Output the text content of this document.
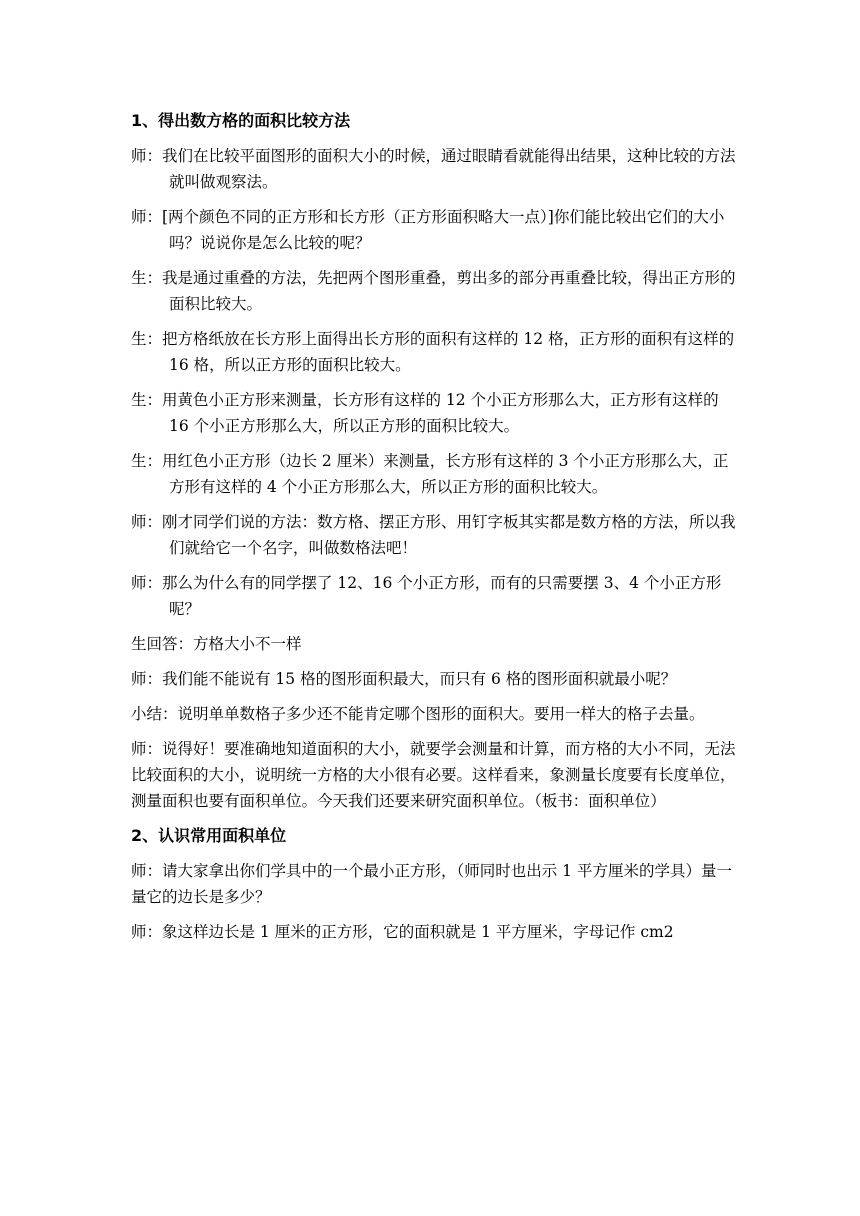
1、得出数方格的面积比较方法

师：我们在比较平面图形的面积大小的时候，通过眼睛看就能得出结果，这种比较的方法就叫做观察法。

师：[两个颜色不同的正方形和长方形（正方形面积略大一点）]你们能比较出它们的大小吗？说说你是怎么比较的呢？

生：我是通过重叠的方法，先把两个图形重叠，剪出多的部分再重叠比较，得出正方形的面积比较大。

生：把方格纸放在长方形上面得出长方形的面积有这样的 12 格，正方形的面积有这样的 16 格，所以正方形的面积比较大。

生：用黄色小正方形来测量，长方形有这样的 12 个小正方形那么大，正方形有这样的 16 个小正方形那么大，所以正方形的面积比较大。

生：用红色小正方形（边长 2 厘米）来测量，长方形有这样的 3 个小正方形那么大，正方形有这样的 4 个小正方形那么大，所以正方形的面积比较大。

师：刚才同学们说的方法：数方格、摆正方形、用钉字板其实都是数方格的方法，所以我们就给它一个名字，叫做数格法吧！

师：那么为什么有的同学摆了 12、16 个小正方形，而有的只需要摆 3、4 个小正方形呢？

生回答：方格大小不一样

师：我们能不能说有 15 格的图形面积最大，而只有 6 格的图形面积就最小呢？

小结：说明单单数格子多少还不能肯定哪个图形的面积大。要用一样大的格子去量。

师：说得好！要准确地知道面积的大小，就要学会测量和计算，而方格的大小不同，无法比较面积的大小，说明统一方格的大小很有必要。这样看来，象测量长度要有长度单位，测量面积也要有面积单位。今天我们还要来研究面积单位。（板书：面积单位）

2、认识常用面积单位

师：请大家拿出你们学具中的一个最小正方形，（师同时也出示 1 平方厘米的学具）量一量它的边长是多少？

师：象这样边长是 1 厘米的正方形，它的面积就是 1 平方厘米，字母记作 cm2
